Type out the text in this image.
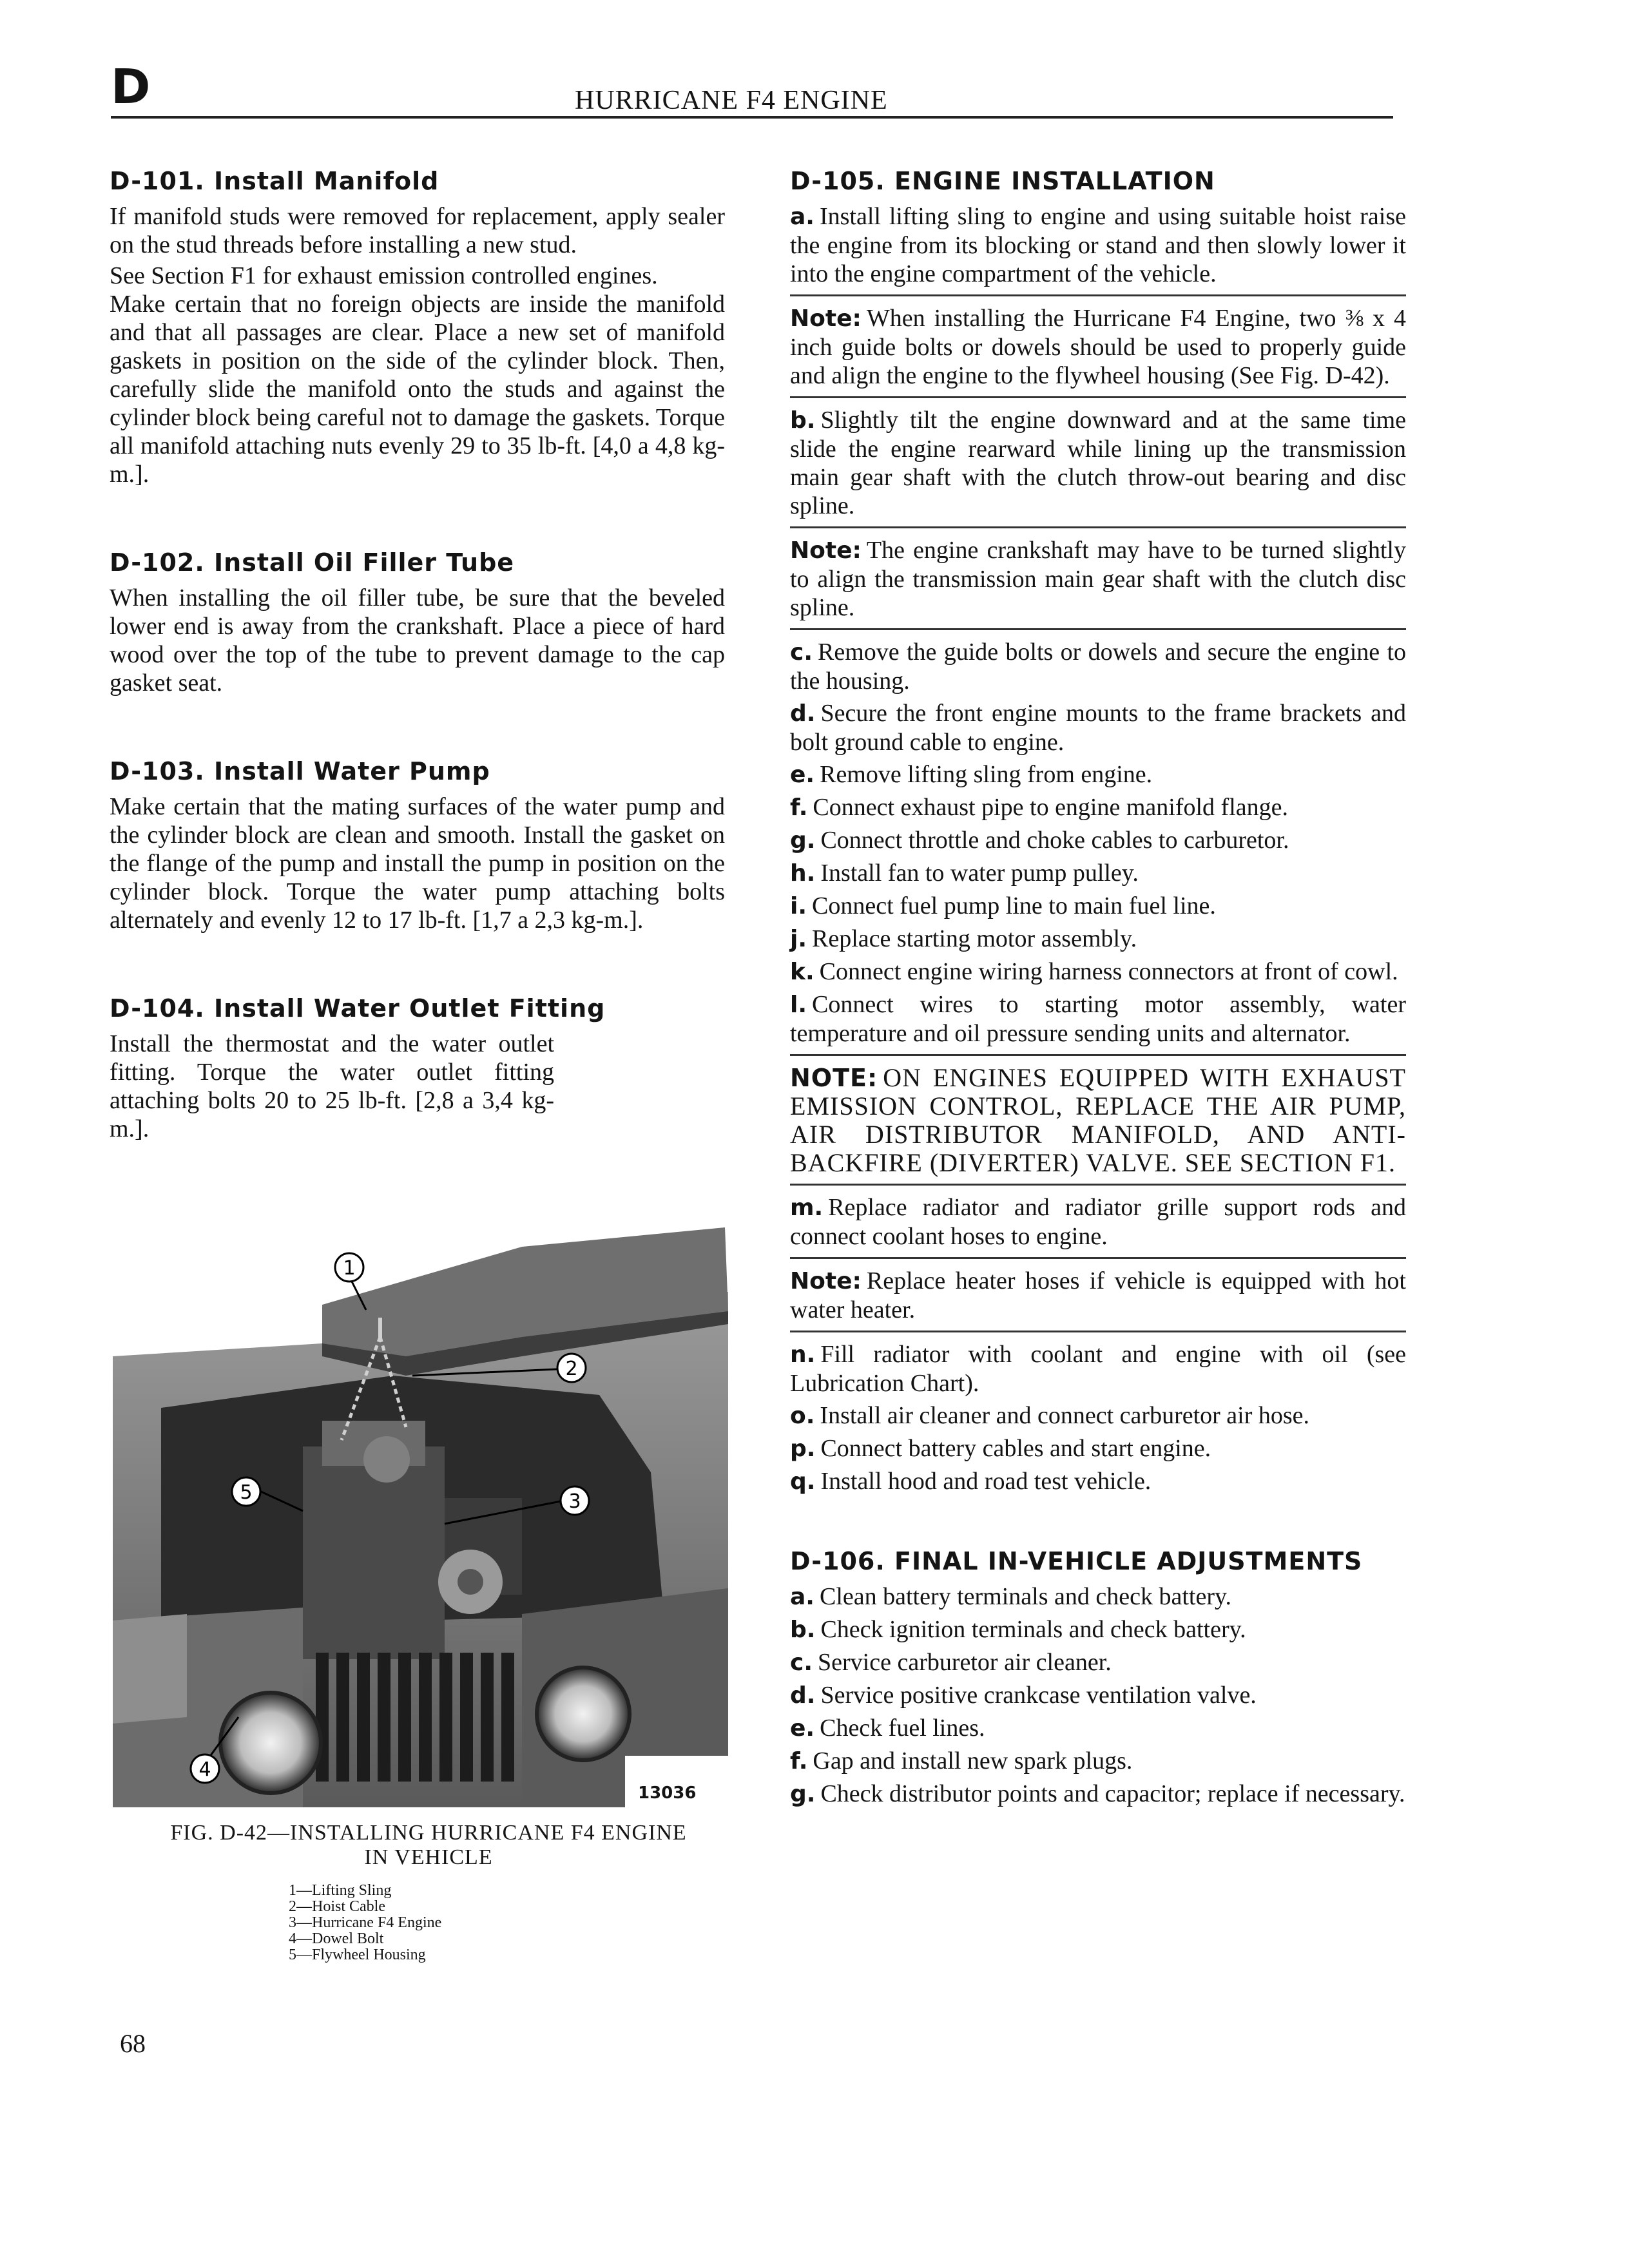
D	HURRICANE F4 ENGINE
D-101. Install Manifold

If manifold studs were removed for replacement, apply sealer on the stud threads before installing a new stud.

See Section F1 for exhaust emission controlled engines.

Make certain that no foreign objects are inside the manifold and that all passages are clear. Place a new set of manifold gaskets in position on the side of the cylinder block. Then, carefully slide the manifold onto the studs and against the cylinder block being careful not to damage the gaskets. Torque all manifold attaching nuts evenly 29 to 35 lb-ft. [4,0 a 4,8 kg-m.].

D-102. Install Oil Filler Tube

When installing the oil filler tube, be sure that the beveled lower end is away from the crankshaft. Place a piece of hard wood over the top of the tube to prevent damage to the cap gasket seat.

D-103. Install Water Pump

Make certain that the mating surfaces of the water pump and the cylinder block are clean and smooth. Install the gasket on the flange of the pump and install the pump in position on the cylinder block. Torque the water pump attaching bolts alternately and evenly 12 to 17 lb-ft. [1,7 a 2,3 kg-m.].

D-104. Install Water Outlet Fitting

Install the thermostat and the water outlet fitting. Torque the water outlet fitting attaching bolts 20 to 25 lb-ft. [2,8 a 3,4 kg-m.].

1
2
3
4
5
13036
FIG. D-42—INSTALLING HURRICANE F4 ENGINE
IN VEHICLE
1—Lifting Sling
2—Hoist Cable
3—Hurricane F4 Engine
4—Dowel Bolt
5—Flywheel Housing
D-105. ENGINE INSTALLATION

a. Install lifting sling to engine and using suitable hoist raise the engine from its blocking or stand and then slowly lower it into the engine compartment of the vehicle.

Note: When installing the Hurricane F4 Engine, two ⅜ x 4 inch guide bolts or dowels should be used to properly guide and align the engine to the flywheel housing (See Fig. D-42).

b. Slightly tilt the engine downward and at the same time slide the engine rearward while lining up the transmission main gear shaft with the clutch throw-out bearing and disc spline.

Note: The engine crankshaft may have to be turned slightly to align the transmission main gear shaft with the clutch disc spline.

c. Remove the guide bolts or dowels and secure the engine to the housing.

d. Secure the front engine mounts to the frame brackets and bolt ground cable to engine.

e. Remove lifting sling from engine.

f. Connect exhaust pipe to engine manifold flange.

g. Connect throttle and choke cables to carburetor.

h. Install fan to water pump pulley.

i. Connect fuel pump line to main fuel line.

j. Replace starting motor assembly.

k. Connect engine wiring harness connectors at front of cowl.

l. Connect wires to starting motor assembly, water temperature and oil pressure sending units and alternator.

NOTE: ON ENGINES EQUIPPED WITH EXHAUST EMISSION CONTROL, REPLACE THE AIR PUMP, AIR DISTRIBUTOR MANIFOLD, AND ANTI-BACKFIRE (DIVERTER) VALVE. SEE SECTION F1.

m. Replace radiator and radiator grille support rods and connect coolant hoses to engine.

Note: Replace heater hoses if vehicle is equipped with hot water heater.

n. Fill radiator with coolant and engine with oil (see Lubrication Chart).

o. Install air cleaner and connect carburetor air hose.

p. Connect battery cables and start engine.

q. Install hood and road test vehicle.

D-106. FINAL IN-VEHICLE ADJUSTMENTS

a. Clean battery terminals and check battery.

b. Check ignition terminals and check battery.

c. Service carburetor air cleaner.

d. Service positive crankcase ventilation valve.

e. Check fuel lines.

f. Gap and install new spark plugs.

g. Check distributor points and capacitor; replace if necessary.

68
